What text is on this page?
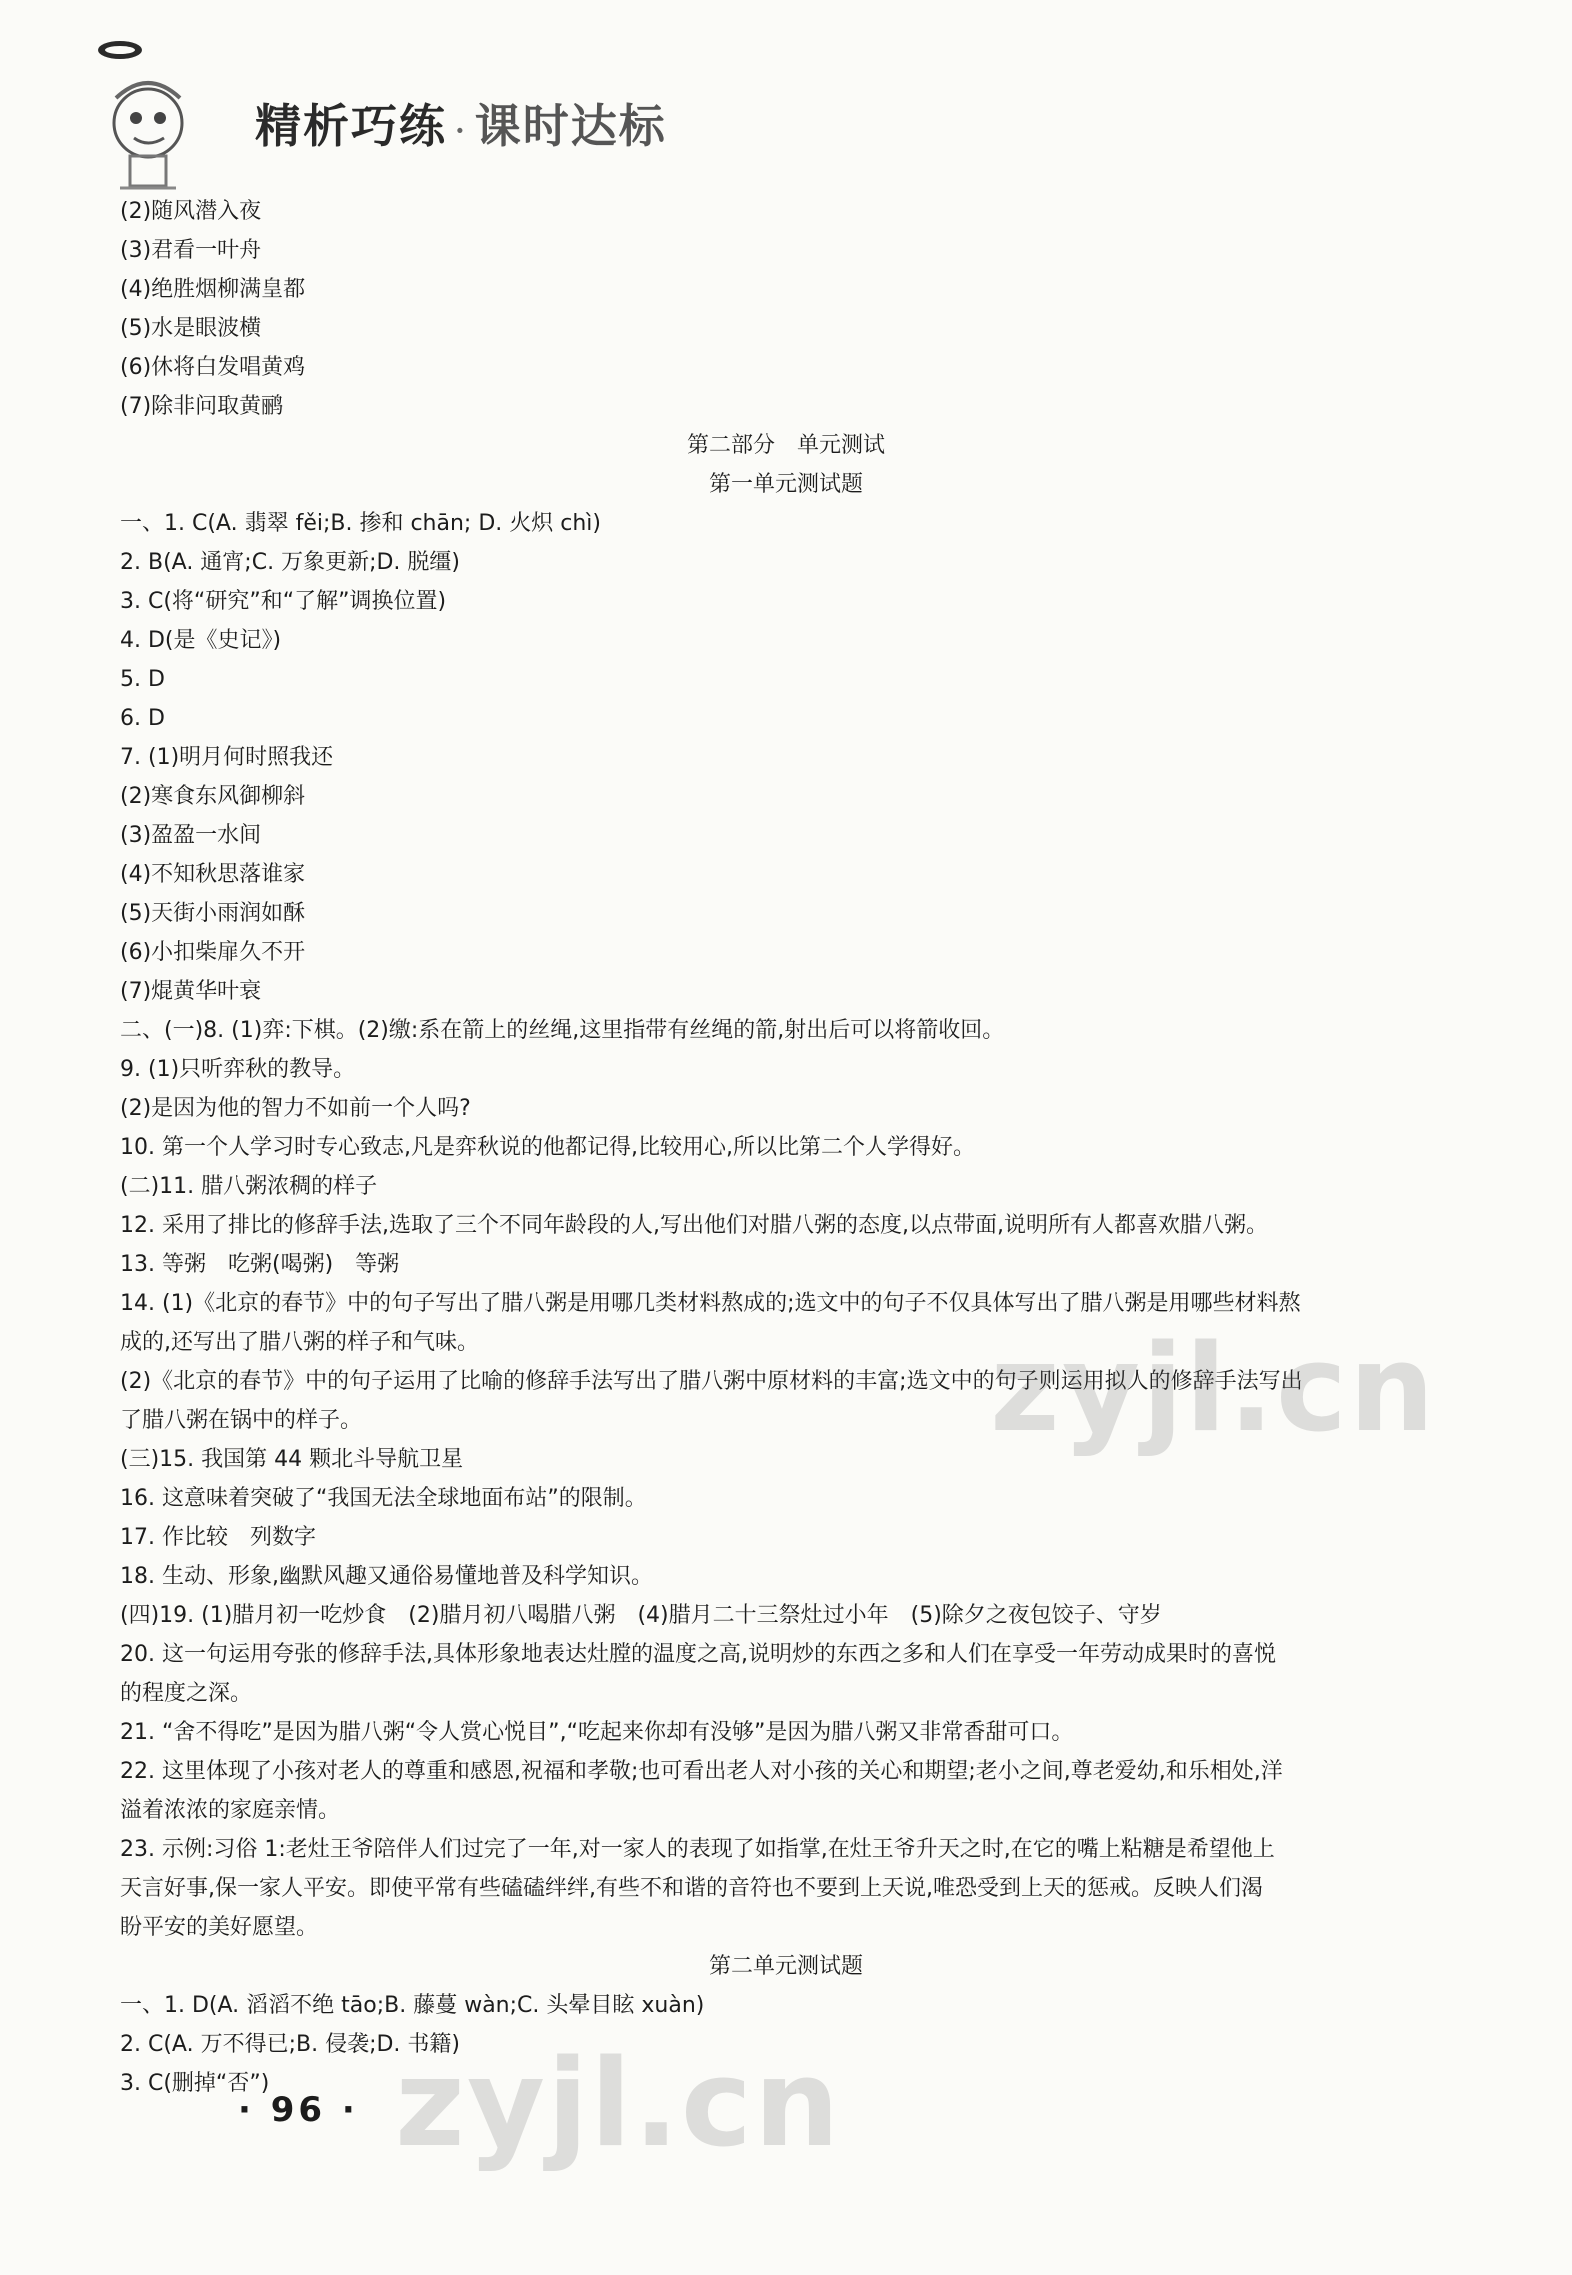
精析巧练 · 课时达标
(2)随风潜入夜
(3)君看一叶舟
(4)绝胜烟柳满皇都
(5)水是眼波横
(6)休将白发唱黄鸡
(7)除非问取黄鹂
第二部分　单元测试
第一单元测试题
一、1. C(A. 翡翠 fěi;B. 掺和 chān; D. 火炽 chì)
2. B(A. 通宵;C. 万象更新;D. 脱缰)
3. C(将“研究”和“了解”调换位置)
4. D(是《史记》)
5. D
6. D
7. (1)明月何时照我还
(2)寒食东风御柳斜
(3)盈盈一水间
(4)不知秋思落谁家
(5)天街小雨润如酥
(6)小扣柴扉久不开
(7)焜黄华叶衰
二、(一)8. (1)弈:下棋。(2)缴:系在箭上的丝绳,这里指带有丝绳的箭,射出后可以将箭收回。
9. (1)只听弈秋的教导。
(2)是因为他的智力不如前一个人吗?
10. 第一个人学习时专心致志,凡是弈秋说的他都记得,比较用心,所以比第二个人学得好。
(二)11. 腊八粥浓稠的样子
12. 采用了排比的修辞手法,选取了三个不同年龄段的人,写出他们对腊八粥的态度,以点带面,说明所有人都喜欢腊八粥。
13. 等粥　吃粥(喝粥)　等粥
14. (1)《北京的春节》中的句子写出了腊八粥是用哪几类材料熬成的;选文中的句子不仅具体写出了腊八粥是用哪些材料熬
成的,还写出了腊八粥的样子和气味。
(2)《北京的春节》中的句子运用了比喻的修辞手法写出了腊八粥中原材料的丰富;选文中的句子则运用拟人的修辞手法写出
了腊八粥在锅中的样子。
(三)15. 我国第 44 颗北斗导航卫星
16. 这意味着突破了“我国无法全球地面布站”的限制。
17. 作比较　列数字
18. 生动、形象,幽默风趣又通俗易懂地普及科学知识。
(四)19. (1)腊月初一吃炒食　(2)腊月初八喝腊八粥　(4)腊月二十三祭灶过小年　(5)除夕之夜包饺子、守岁
20. 这一句运用夸张的修辞手法,具体形象地表达灶膛的温度之高,说明炒的东西之多和人们在享受一年劳动成果时的喜悦
的程度之深。
21. “舍不得吃”是因为腊八粥“令人赏心悦目”,“吃起来你却有没够”是因为腊八粥又非常香甜可口。
22. 这里体现了小孩对老人的尊重和感恩,祝福和孝敬;也可看出老人对小孩的关心和期望;老小之间,尊老爱幼,和乐相处,洋
溢着浓浓的家庭亲情。
23. 示例:习俗 1:老灶王爷陪伴人们过完了一年,对一家人的表现了如指掌,在灶王爷升天之时,在它的嘴上粘糖是希望他上
天言好事,保一家人平安。即使平常有些磕磕绊绊,有些不和谐的音符也不要到上天说,唯恐受到上天的惩戒。反映人们渴
盼平安的美好愿望。
第二单元测试题
一、1. D(A. 滔滔不绝 tāo;B. 藤蔓 wàn;C. 头晕目眩 xuàn)
2. C(A. 万不得已;B. 侵袭;D. 书籍)
3. C(删掉“否”)
zyjl.cn
zyjl.cn
· 96 ·
